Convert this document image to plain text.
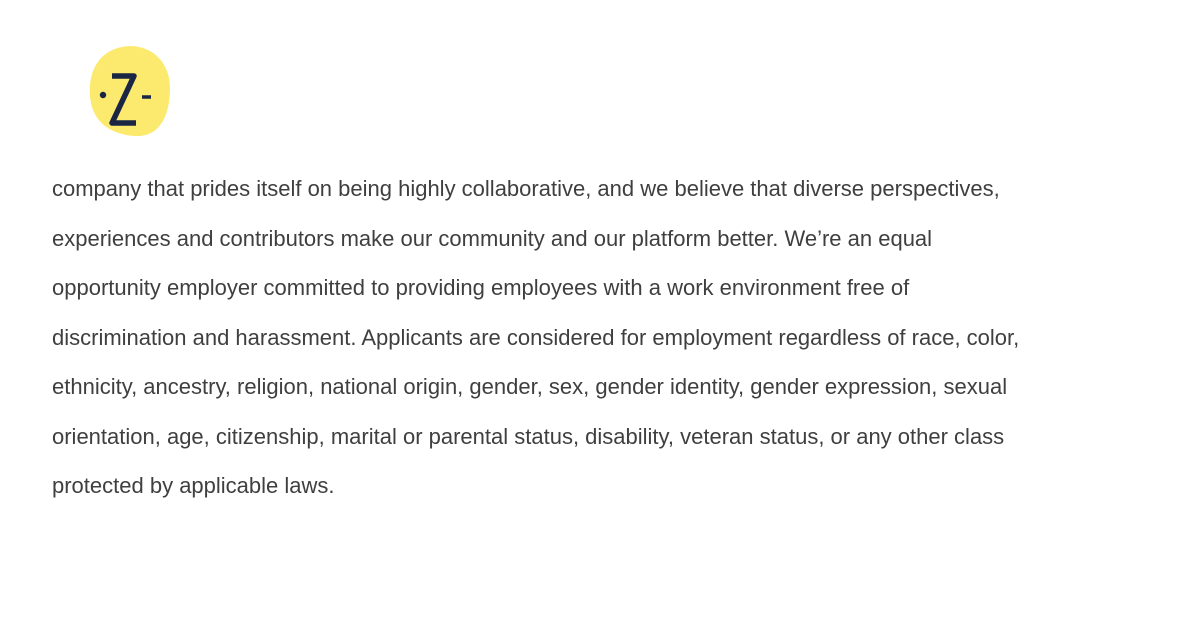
company that prides itself on being highly collaborative, and we believe that diverse perspectives,
experiences and contributors make our community and our platform better. We’re an equal
opportunity employer committed to providing employees with a work environment free of
discrimination and harassment. Applicants are considered for employment regardless of race, color,
ethnicity, ancestry, religion, national origin, gender, sex, gender identity, gender expression, sexual
orientation, age, citizenship, marital or parental status, disability, veteran status, or any other class
protected by applicable laws.
